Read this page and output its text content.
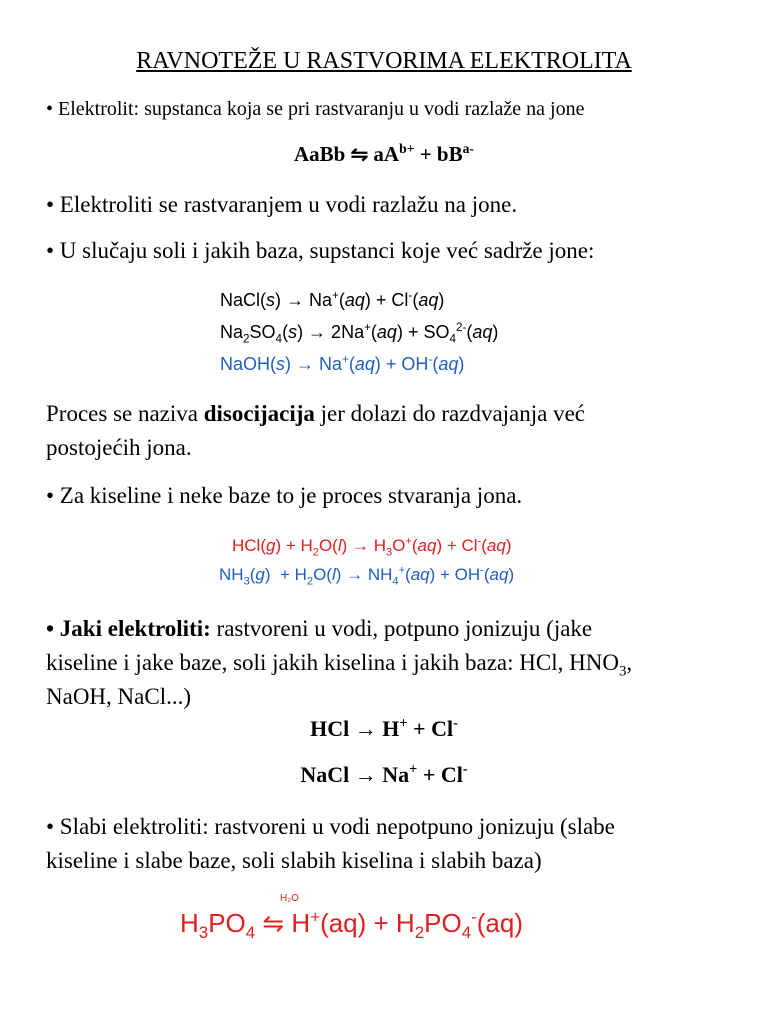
RAVNOTEŽE U RASTVORIMA ELEKTROLITA
• Elektrolit: supstanca koja se pri rastvaranju u vodi razlaže na jone
AaBb ⇋ $aA^{b+} + bB^{a-}$
• Elektroliti se rastvaranjem u vodi razlažu na jone.
• U slučaju soli i jakih baza, supstanci koje već sadrže jone:
NaCl(s) → Na+(aq) + Cl-(aq)
$Na_2SO_4(s) \to 2Na^+(aq) + SO_4^{2-}(aq)$
NaOH(s) → Na+(aq) + OH-(aq)
Proces se naziva disocijacija jer dolazi do razdvajanja već
postojećih jona.
• Za kiseline i neke baze to je proces stvaranja jona.
$HCl(g) + H_2O(l) \to H_3O^+(aq) + Cl^-(aq)$
$NH_3(g) + H_2O(l) \to NH_4^+(aq) + OH^-(aq)$
• Jaki elektroliti: rastvoreni u vodi, potpuno jonizuju (jake
kiseline i jake baze, soli jakih kiselina i jakih baza: HCl, $HNO_3$,
NaOH, NaCl...)
HCl → H+ + Cl-
NaCl → Na+ + Cl-
• Slabi elektroliti: rastvoreni u vodi nepotpuno jonizuju (slabe
kiseline i slabe baze, soli slabih kiselina i slabih baza)
H₂O
$H_3PO_4$ ⇋ $H^+(aq) + H_2PO_4^-(aq)$
